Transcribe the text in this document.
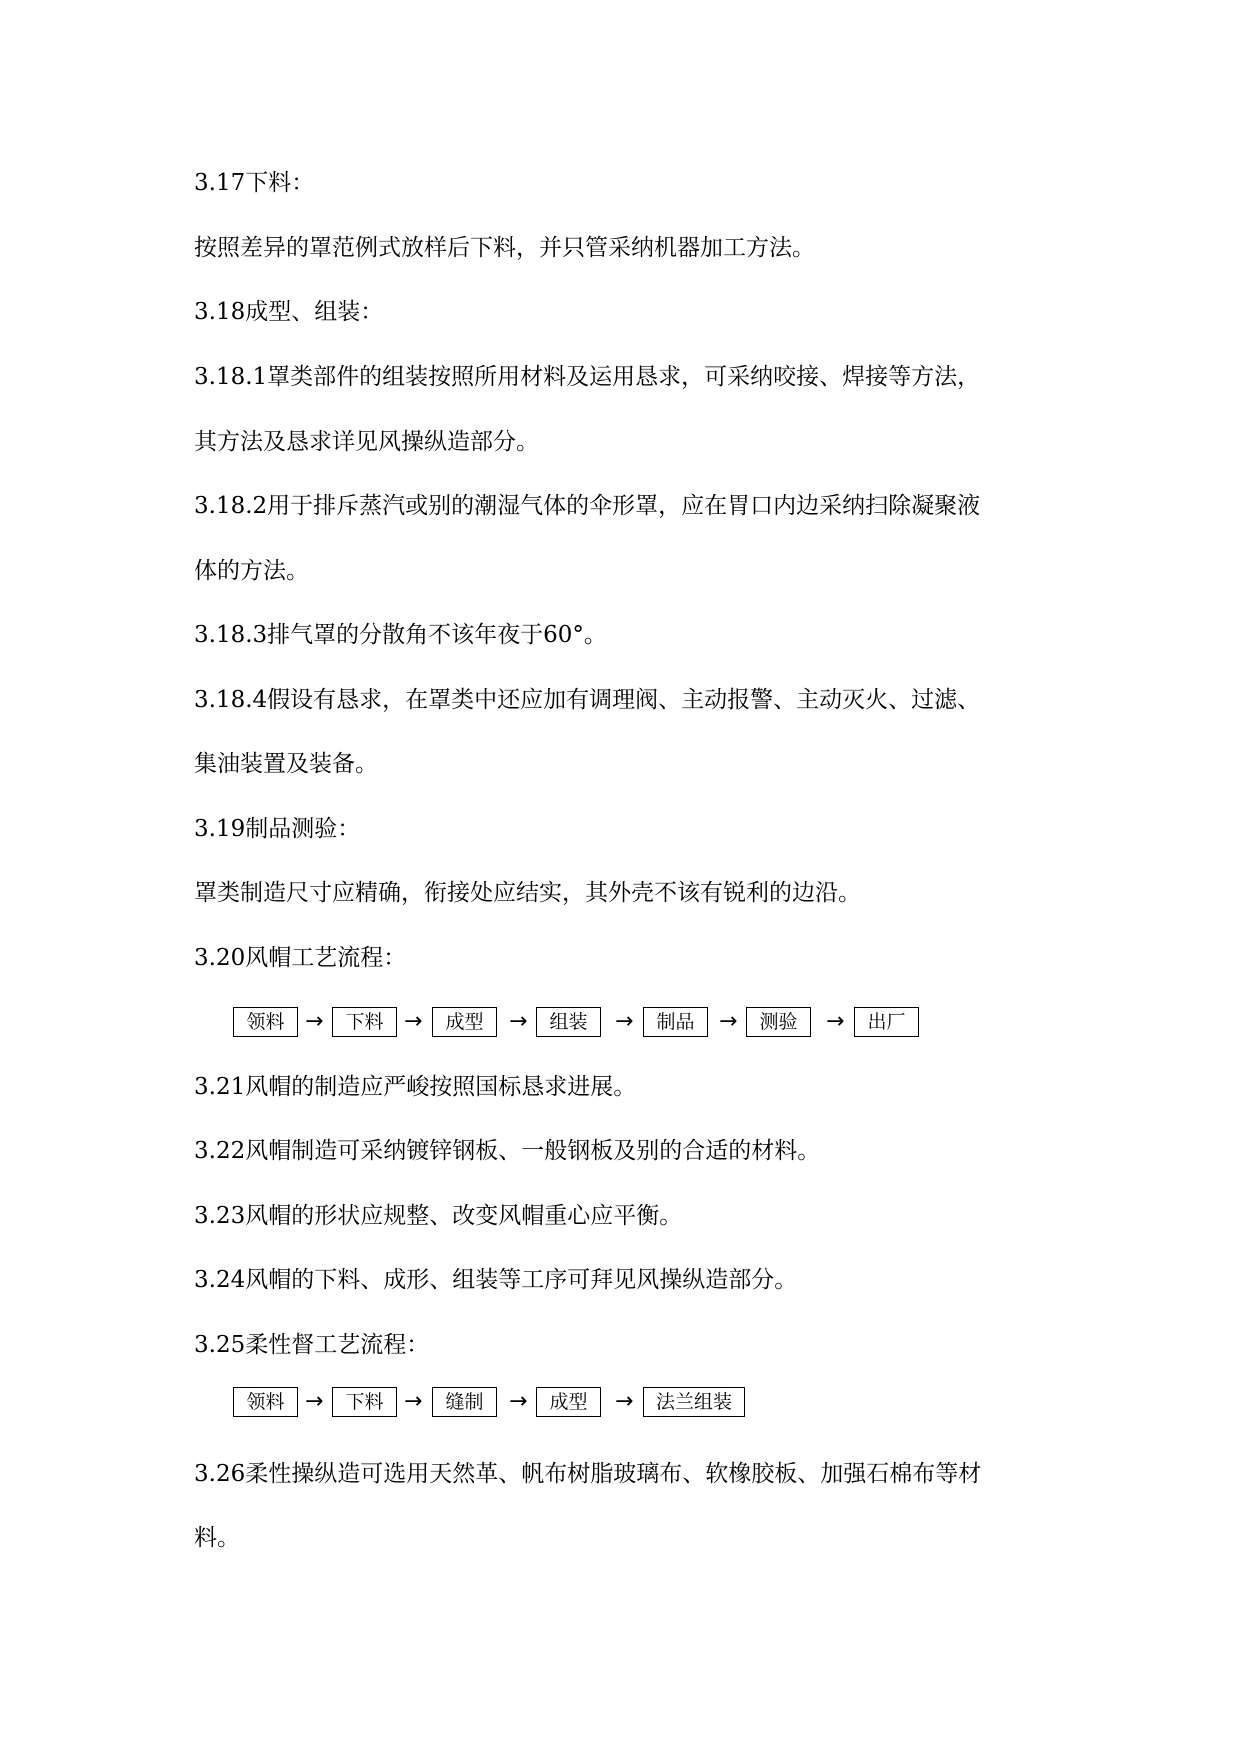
3.17下料：
按照差异的罩范例式放样后下料，并只管采纳机器加工方法。
3.18成型、组装：
3.18.1罩类部件的组装按照所用材料及运用恳求，可采纳咬接、焊接等方法，
其方法及恳求详见风操纵造部分。
3.18.2用于排斥蒸汽或别的潮湿气体的伞形罩，应在胃口内边采纳扫除凝聚液
体的方法。
3.18.3排气罩的分散角不该年夜于60°。
3.18.4假设有恳求，在罩类中还应加有调理阀、主动报警、主动灭火、过滤、
集油装置及装备。
3.19制品测验：
罩类制造尺寸应精确，衔接处应结实，其外壳不该有锐利的边沿。
3.20风帽工艺流程：
领料 →	下料 →	成型	→	组装	→	制品	→	测验	→	出厂
3.21风帽的制造应严峻按照国标恳求进展。
3.22风帽制造可采纳镀锌钢板、一般钢板及别的合适的材料。
3.23风帽的形状应规整、改变风帽重心应平衡。
3.24风帽的下料、成形、组装等工序可拜见风操纵造部分。
3.25柔性督工艺流程：
领料 →	下料 →	缝制	→	成型	→	法兰组装
3.26柔性操纵造可选用天然革、帆布树脂玻璃布、软橡胶板、加强石棉布等材
料。
